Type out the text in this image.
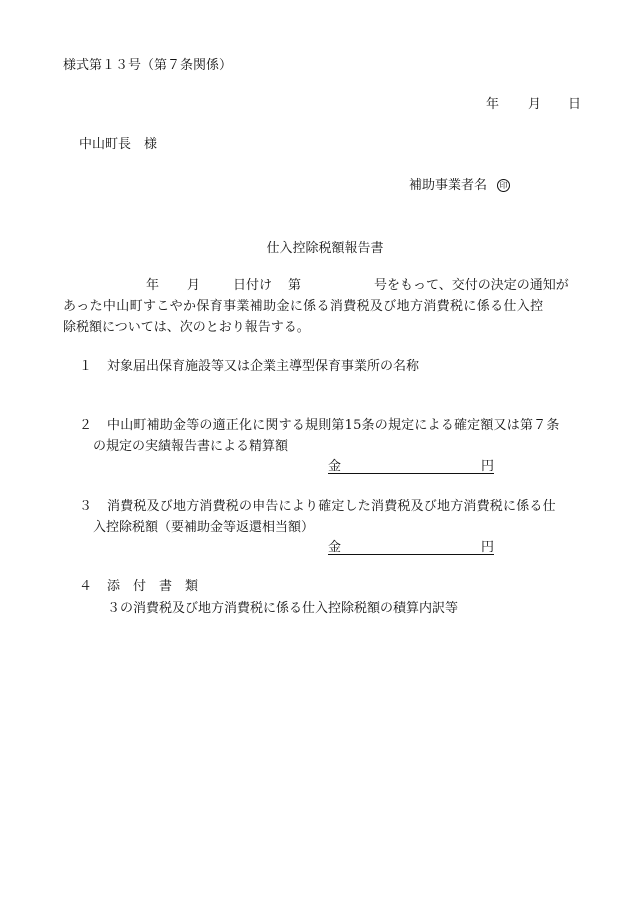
様式第１３号（第７条関係）
年 月 日
中山町長　様
補助事業者名 印
仕入控除税額報告書
年 月	日付け 第	号をもって、交付の決定の通知が
あった中山町すこやか保育事業補助金に係る消費税及び地方消費税に係る仕入控
除税額については、次のとおり報告する。
１ 対象届出保育施設等又は企業主導型保育事業所の名称
２ 中山町補助金等の適正化に関する規則第15条の規定による確定額又は第７条
の規定の実績報告書による精算額
金	円
３ 消費税及び地方消費税の申告により確定した消費税及び地方消費税に係る仕
入控除税額（要補助金等返還相当額）
金	円
４ 添　付　書　類
３の消費税及び地方消費税に係る仕入控除税額の積算内訳等
